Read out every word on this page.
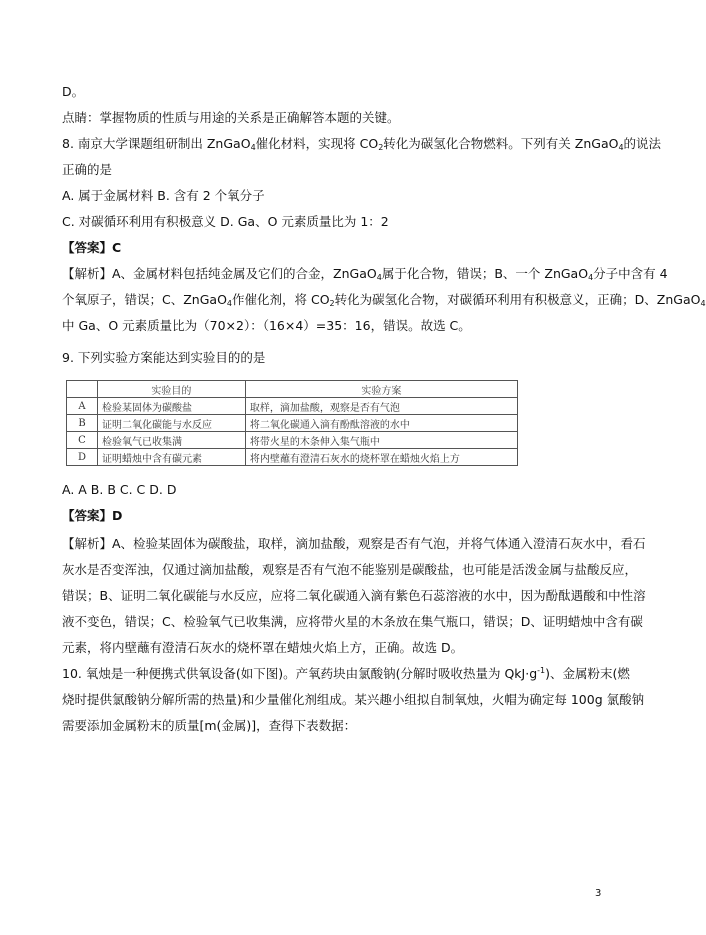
D。
点睛：掌握物质的性质与用途的关系是正确解答本题的关键。
8. 南京大学课题组研制出 ZnGaO$_4$催化材料，实现将 $CO_2$转化为碳氢化合物燃料。下列有关 ZnGaO$_4$的说法
正确的是
A. 属于金属材料 B. 含有 2 个氧分子
C. 对碳循环利用有积极意义 D. Ga、O 元素质量比为 1：2
【答案】C
【解析】A、金属材料包括纯金属及它们的合金，ZnGaO$_4$属于化合物，错误；B、一个 ZnGaO$_4$分子中含有 4
个氧原子，错误；C、ZnGaO$_4$作催化剂，将 $CO_2$转化为碳氢化合物，对碳循环利用有积极意义，正确；D、ZnGaO$_4$
中 Ga、O 元素质量比为（70×2）：（16×4）=35：16，错误。故选 C。
9. 下列实验方案能达到实验目的的是
	实验目的	实验方案
A	检验某固体为碳酸盐	取样，滴加盐酸，观察是否有气泡
B	证明二氧化碳能与水反应	将二氧化碳通入滴有酚酞溶液的水中
C	检验氧气已收集满	将带火星的木条伸入集气瓶中
D	证明蜡烛中含有碳元素	将内壁蘸有澄清石灰水的烧杯罩在蜡烛火焰上方
A. A B. B C. C D. D
【答案】D
【解析】A、检验某固体为碳酸盐，取样，滴加盐酸，观察是否有气泡，并将气体通入澄清石灰水中，看石
灰水是否变浑浊，仅通过滴加盐酸，观察是否有气泡不能鉴别是碳酸盐，也可能是活泼金属与盐酸反应，
错误；B、证明二氧化碳能与水反应，应将二氧化碳通入滴有紫色石蕊溶液的水中，因为酚酞遇酸和中性溶
液不变色，错误；C、检验氧气已收集满，应将带火星的木条放在集气瓶口，错误；D、证明蜡烛中含有碳
元素，将内壁蘸有澄清石灰水的烧杯罩在蜡烛火焰上方，正确。故选 D。
10. 氧烛是一种便携式供氧设备(如下图)。产氧药块由氯酸钠(分解时吸收热量为 $QkJ\cdot g^{-1}$)、金属粉末(燃
烧时提供氯酸钠分解所需的热量)和少量催化剂组成。某兴趣小组拟自制氧烛，火帽为确定每 100g 氯酸钠
需要添加金属粉末的质量[m(金属)]，查得下表数据：
3
